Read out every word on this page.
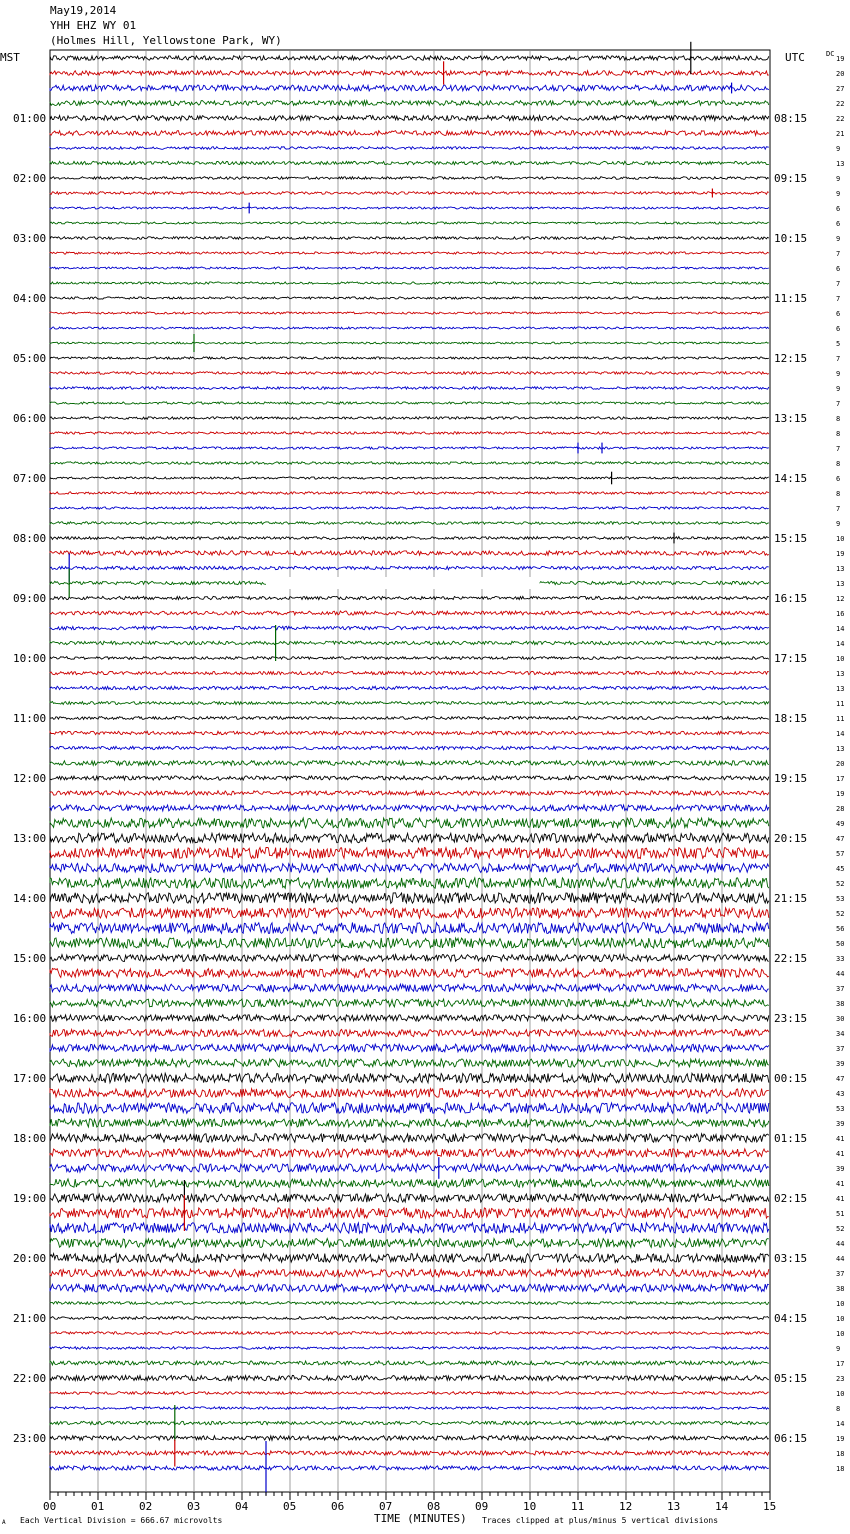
May19,2014
YHH EHZ WY 01
(Holmes Hill, Yellowstone Park, WY)
01:00	08:15
02:00	09:15
03:00	10:15
04:00	11:15
05:00	12:15
06:00	13:15
07:00	14:15
08:00	15:15
09:00	16:15
10:00	17:15
11:00	18:15
12:00	19:15
13:00	20:15
14:00	21:15
15:00	22:15
16:00	23:15
17:00	00:15
18:00	01:15
19:00	02:15
20:00	03:15
21:00	04:15
22:00	05:15
23:00	06:15
19
20
27
22
22
21
9
13
9
9
6
6
9
7
6
7
7
6
6
5
7
9
9
7
8
8
7
8
6
8
7
9
10
19
13
13
12
16
14
14
10
13
13
11
11
14
13
20
17
19
28
49
47
57
45
52
53
52
56
50
33
44
37
38
30
34
37
39
47
43
53
39
41
41
39
41
41
51
52
44
44
37
38
10
10
10
9
17
23
10
8
14
19
18
18
00	01	02	03	04	05	06	07	08	09	10	11	12	13	14	15
MST	UTC	DC
TIME (MINUTES)
Each Vertical Division = 666.67 microvolts	Traces clipped at plus/minus 5 vertical divisions
A
